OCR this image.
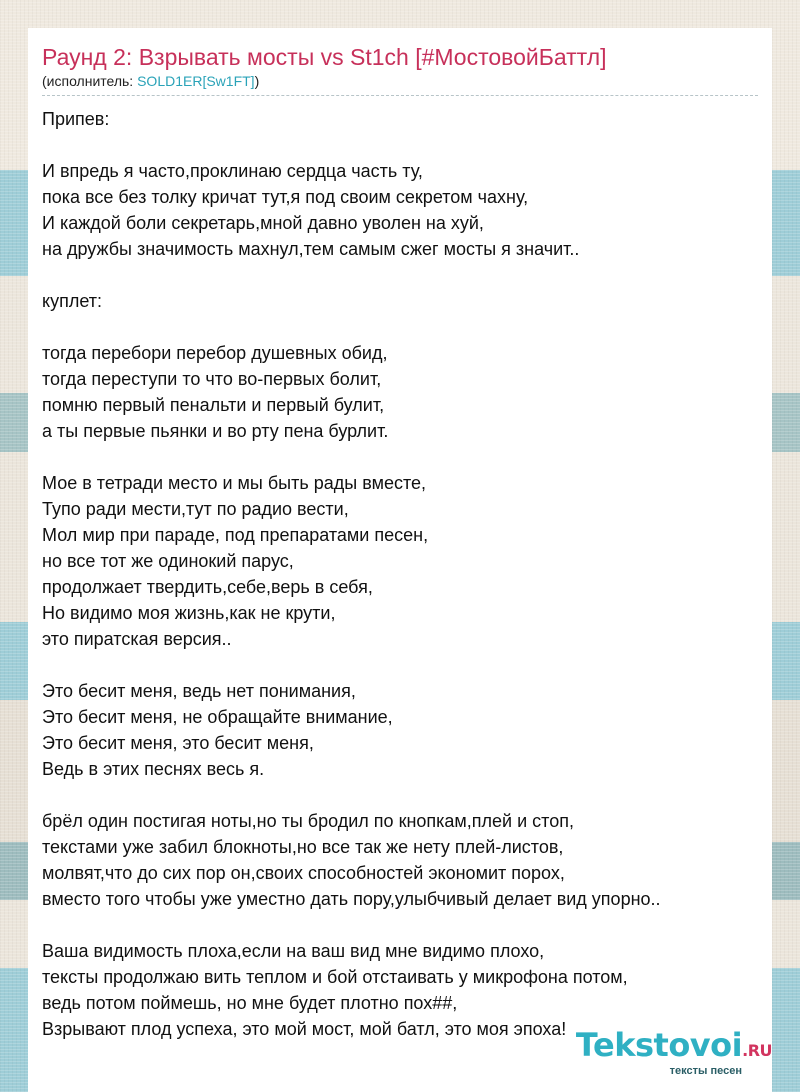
Раунд 2: Взрывать мосты vs St1ch [#МостовойБаттл]
(исполнитель: SOLD1ER[Sw1FT])
Припев:
И впредь я часто,проклинаю сердца часть ту,
пока все без толку кричат тут,я под своим секретом чахну,
И каждой боли секретарь,мной давно уволен на хуй,
на дружбы значимость махнул,тем самым сжег мосты я значит..
куплет:
тогда перебори перебор душевных обид,
тогда переступи то что во-первых болит,
помню первый пенальти и первый булит,
а ты первые пьянки и во рту пена бурлит.
Мое в тетради место и мы быть рады вместе,
Тупо ради мести,тут по радио вести,
Мол мир при параде, под препаратами песен,
но все тот же одинокий парус,
продолжает твердить,себе,верь в себя,
Но видимо моя жизнь,как не крути,
это пиратская версия..
Это бесит меня, ведь нет понимания,
Это бесит меня, не обращайте внимание,
Это бесит меня, это бесит меня,
Ведь в этих песнях весь я.
брёл один постигая ноты,но ты бродил по кнопкам,плей и стоп,
текстами уже забил блокноты,но все так же нету плей-листов,
молвят,что до сих пор он,своих способностей экономит порох,
вместо того чтобы уже уместно дать пору,улыбчивый делает вид упорно..
Ваша видимость плоха,если на ваш вид мне видимо плохо,
тексты продолжаю вить теплом и бой отстаивать у микрофона потом,
ведь потом поймешь, но мне будет плотно пох##,
Взрывают плод успеха, это мой мост, мой батл, это моя эпоха! Tekstovoi.RU
тексты песен
